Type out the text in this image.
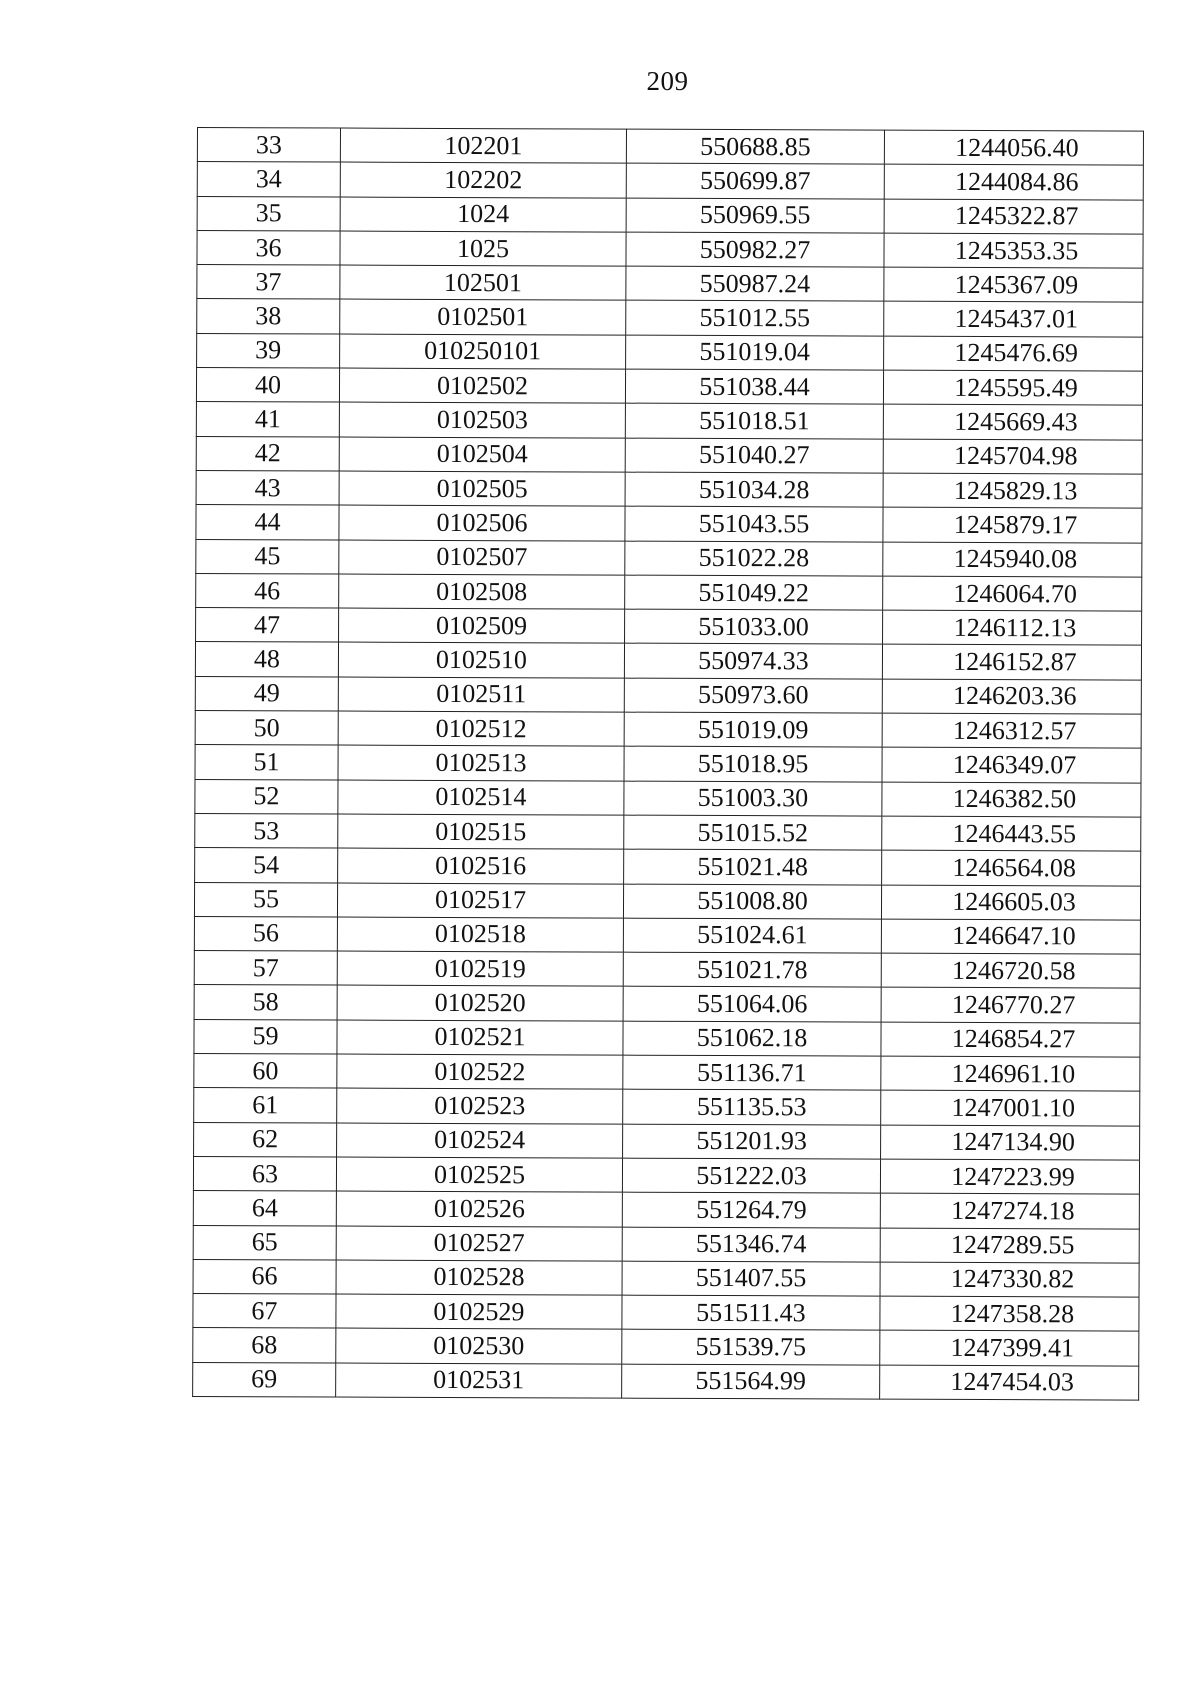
209
33	102201	550688.85	1244056.40
34	102202	550699.87	1244084.86
35	1024	550969.55	1245322.87
36	1025	550982.27	1245353.35
37	102501	550987.24	1245367.09
38	0102501	551012.55	1245437.01
39	010250101	551019.04	1245476.69
40	0102502	551038.44	1245595.49
41	0102503	551018.51	1245669.43
42	0102504	551040.27	1245704.98
43	0102505	551034.28	1245829.13
44	0102506	551043.55	1245879.17
45	0102507	551022.28	1245940.08
46	0102508	551049.22	1246064.70
47	0102509	551033.00	1246112.13
48	0102510	550974.33	1246152.87
49	0102511	550973.60	1246203.36
50	0102512	551019.09	1246312.57
51	0102513	551018.95	1246349.07
52	0102514	551003.30	1246382.50
53	0102515	551015.52	1246443.55
54	0102516	551021.48	1246564.08
55	0102517	551008.80	1246605.03
56	0102518	551024.61	1246647.10
57	0102519	551021.78	1246720.58
58	0102520	551064.06	1246770.27
59	0102521	551062.18	1246854.27
60	0102522	551136.71	1246961.10
61	0102523	551135.53	1247001.10
62	0102524	551201.93	1247134.90
63	0102525	551222.03	1247223.99
64	0102526	551264.79	1247274.18
65	0102527	551346.74	1247289.55
66	0102528	551407.55	1247330.82
67	0102529	551511.43	1247358.28
68	0102530	551539.75	1247399.41
69	0102531	551564.99	1247454.03
